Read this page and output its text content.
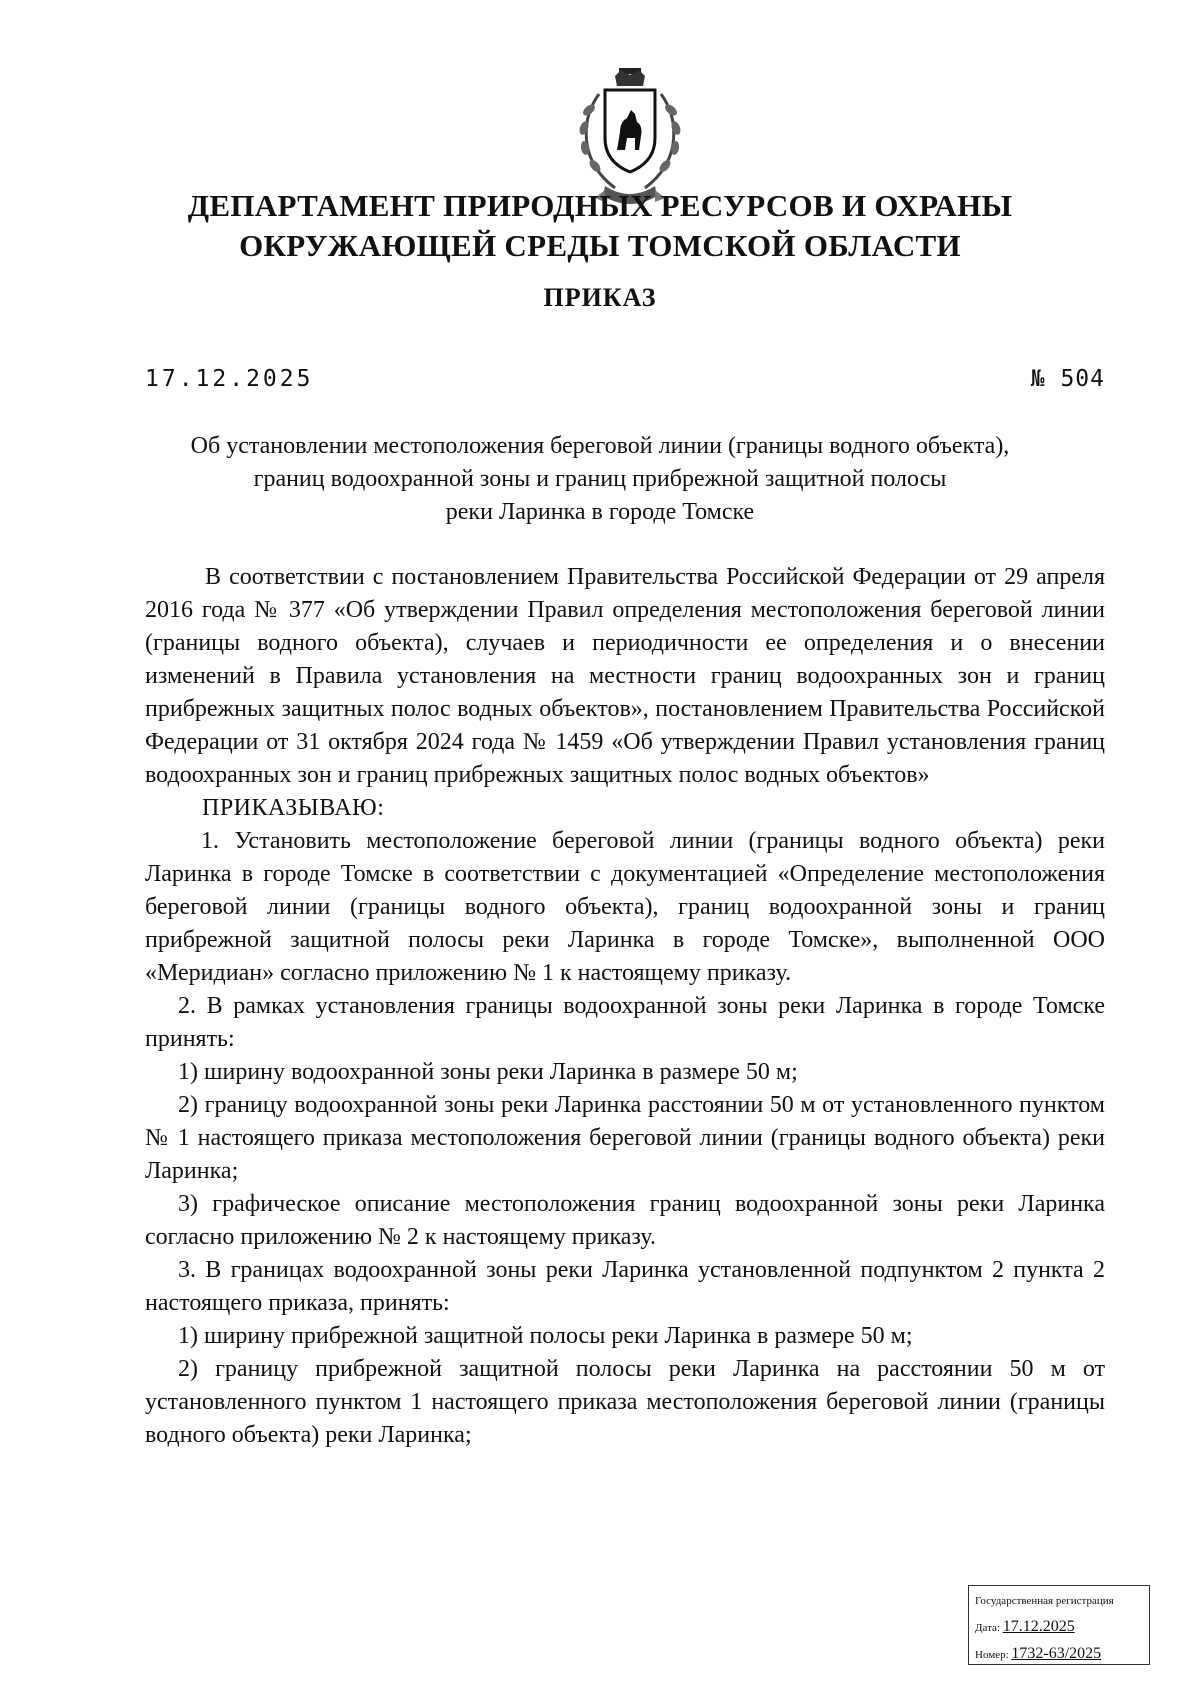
ДЕПАРТАМЕНТ ПРИРОДНЫХ РЕСУРСОВ И ОХРАНЫ
ОКРУЖАЮЩЕЙ СРЕДЫ ТОМСКОЙ ОБЛАСТИ
ПРИКАЗ
17.12.2025	№ 504
Об установлении местоположения береговой линии (границы водного объекта),
границ водоохранной зоны и границ прибрежной защитной полосы
реки Ларинка в городе Томске

В соответствии с постановлением Правительства Российской Федерации от 29 апреля 2016 года № 377 «Об утверждении Правил определения местоположения береговой линии (границы водного объекта), случаев и периодичности ее определения и о внесении изменений в Правила установления на местности границ водоохранных зон и границ прибрежных защитных полос водных объектов», постановлением Правительства Российской Федерации от 31 октября 2024 года № 1459 «Об утверждении Правил установления границ водоохранных зон и границ прибрежных защитных полос водных объектов»

ПРИКАЗЫВАЮ:

1. Установить местоположение береговой линии (границы водного объекта) реки Ларинка в городе Томске в соответствии с документацией «Определение местоположения береговой линии (границы водного объекта), границ водоохранной зоны и границ прибрежной защитной полосы реки Ларинка в городе Томске», выполненной ООО «Меридиан» согласно приложению № 1 к настоящему приказу.

2. В рамках установления границы водоохранной зоны реки Ларинка в городе Томске принять:

1) ширину водоохранной зоны реки Ларинка в размере 50 м;

2) границу водоохранной зоны реки Ларинка расстоянии 50 м от установленного пунктом № 1 настоящего приказа местоположения береговой линии (границы водного объекта) реки Ларинка;

3) графическое описание местоположения границ водоохранной зоны реки Ларинка согласно приложению № 2 к настоящему приказу.

3. В границах водоохранной зоны реки Ларинка установленной подпунктом 2 пункта 2 настоящего приказа, принять:

1) ширину прибрежной защитной полосы реки Ларинка в размере 50 м;

2) границу прибрежной защитной полосы реки Ларинка на расстоянии 50 м от установленного пунктом 1 настоящего приказа местоположения береговой линии (границы водного объекта) реки Ларинка;

Государственная регистрация
Дата: 17.12.2025
Номер: 1732-63/2025
